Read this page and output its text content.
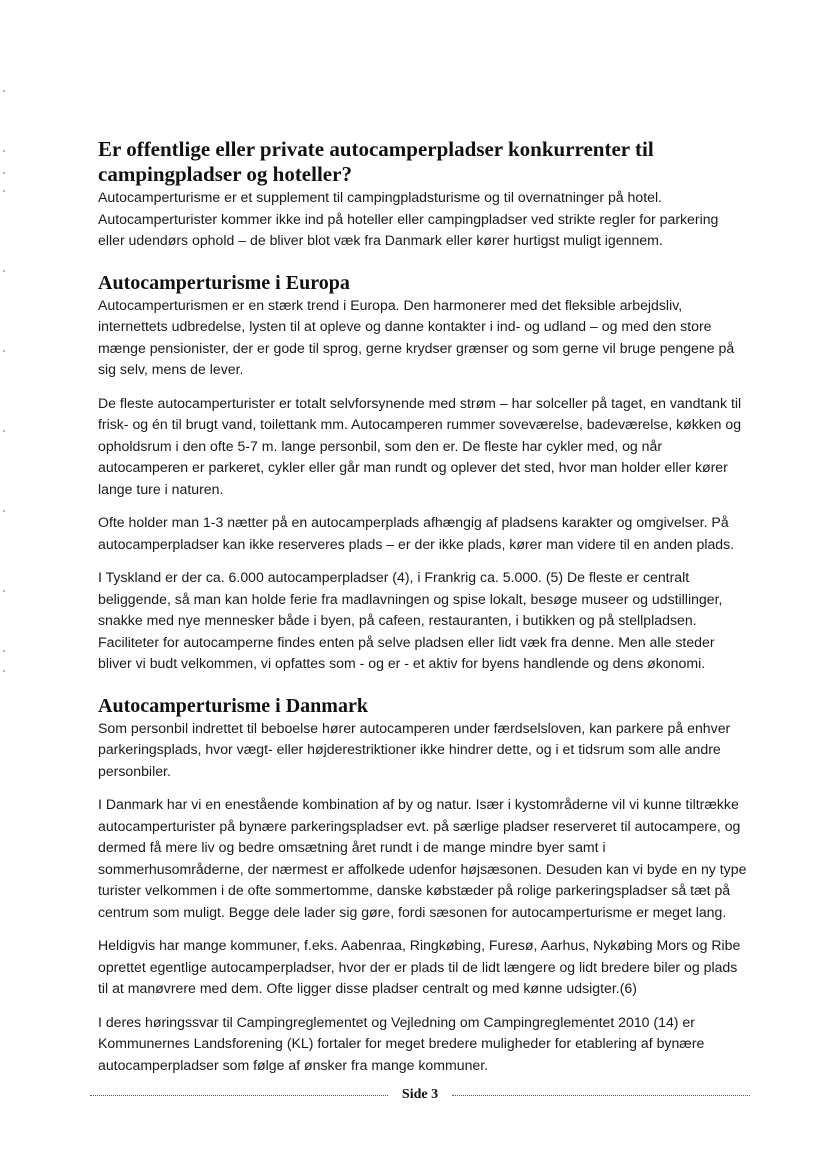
Er offentlige eller private autocamperpladser konkurrenter til campingpladser og hoteller?

Autocamperturisme er et supplement til campingpladsturisme og til overnatninger på hotel. Autocamperturister kommer ikke ind på hoteller eller campingpladser ved strikte regler for parkering eller udendørs ophold – de bliver blot væk fra Danmark eller kører hurtigst muligt igennem.

Autocamperturisme i Europa

Autocamperturismen er en stærk trend i Europa. Den harmonerer med det fleksible arbejdsliv, internettets udbredelse, lysten til at opleve og danne kontakter i ind- og udland – og med den store mænge pensionister, der er gode til sprog, gerne krydser grænser og som gerne vil bruge pengene på sig selv, mens de lever.

De fleste autocamperturister er totalt selvforsynende med strøm – har solceller på taget, en vandtank til frisk- og én til brugt vand, toilettank mm. Autocamperen rummer soveværelse, badeværelse, køkken og opholdsrum i den ofte 5-7 m. lange personbil, som den er. De fleste har cykler med, og når autocamperen er parkeret, cykler eller går man rundt og oplever det sted, hvor man holder eller kører lange ture i naturen.

Ofte holder man 1-3 nætter på en autocamperplads afhængig af pladsens karakter og omgivelser. På autocamperpladser kan ikke reserveres plads – er der ikke plads, kører man videre til en anden plads.

I Tyskland er der ca. 6.000 autocamperpladser (4), i Frankrig ca. 5.000. (5) De fleste er centralt beliggende, så man kan holde ferie fra madlavningen og spise lokalt, besøge museer og udstillinger, snakke med nye mennesker både i byen, på cafeen, restauranten, i butikken og på stellpladsen. Faciliteter for autocamperne findes enten på selve pladsen eller lidt væk fra denne. Men alle steder bliver vi budt velkommen, vi opfattes som - og er - et aktiv for byens handlende og dens økonomi.

Autocamperturisme i Danmark

Som personbil indrettet til beboelse hører autocamperen under færdselsloven, kan parkere på enhver parkeringsplads, hvor vægt- eller højderestriktioner ikke hindrer dette, og i et tidsrum som alle andre personbiler.

I Danmark har vi en enestående kombination af by og natur. Især i kystområderne vil vi kunne tiltrække autocamperturister på bynære parkeringspladser evt. på særlige pladser reserveret til autocampere, og dermed få mere liv og bedre omsætning året rundt i de mange mindre byer samt i sommerhusområderne, der nærmest er affolkede udenfor højsæsonen. Desuden kan vi byde en ny type turister velkommen i de ofte sommertomme, danske købstæder på rolige parkeringspladser så tæt på centrum som muligt. Begge dele lader sig gøre, fordi sæsonen for autocamperturisme er meget lang.

Heldigvis har mange kommuner, f.eks. Aabenraa, Ringkøbing, Furesø, Aarhus, Nykøbing Mors og Ribe oprettet egentlige autocamperpladser, hvor der er plads til de lidt længere og lidt bredere biler og plads til at manøvrere med dem. Ofte ligger disse pladser centralt og med kønne udsigter.(6)

I deres høringssvar til Campingreglementet og Vejledning om Campingreglementet 2010 (14) er Kommunernes Landsforening (KL) fortaler for meget bredere muligheder for etablering af bynære autocamperpladser som følge af ønsker fra mange kommuner.

Side 3
